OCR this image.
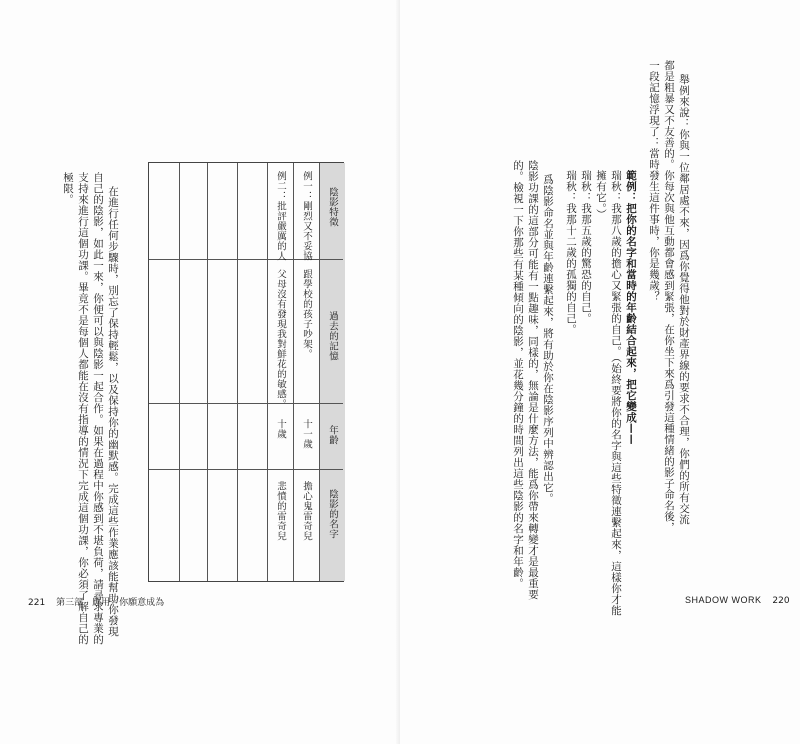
陰影的名字
年齡
過去的記憶
陰影特徵
擔心鬼雷奇兒
十一歲
跟學校的孩子吵架。
例一：剛烈又不妥協
悲憤的雷奇兒
十歲
父母沒有發現我對鮮花的敏感。
例二：批評嚴厲的人
在進行任何步驟時，別忘了保持輕鬆，以及保持你的幽默感。完成這些作業應該能幫助你發現
自己的陰影，如此一來，你便可以與陰影一起合作。如果在過程中你感到不堪負荷，請尋求專業的
支持來進行這個功課。畢竟不是每個人都能在沒有指導的情況下完成這個功課，你必須了解自己的
極限。
221 第三部　應用／你願意成為
舉例來說：你與一位鄰居處不來，因爲你覺得他對於財產界線的要求不合理，你們的所有交流
都是粗暴又不友善的。你每次與他互動都會感到緊張，在你坐下來爲引發這種情緒的影子命名後，
一段記憶浮現了：當時發生這件事時，你是幾歲？
範例：把你的名字和當時的年齡結合起來，把它變成——
瑞秋：我那八歲的擔心又緊張的自己。（始終要將你的名字與這些特徵連繫起來，這樣你才能
擁有它。）
瑞秋：我那五歲的驚恐的自己。
瑞秋：我那十二歲的孤獨的自己。
爲陰影命名並與年齡連繫起來，將有助於你在陰影序列中辨認出它。
陰影功課的這部分可能有一點趣味，同樣的，無論是什麼方法，能爲你帶來轉變才是最重要
的。檢視一下你那些有某種傾向的陰影，並花幾分鐘的時間列出這些陰影的名字和年齡。
SHADOW WORK 220
